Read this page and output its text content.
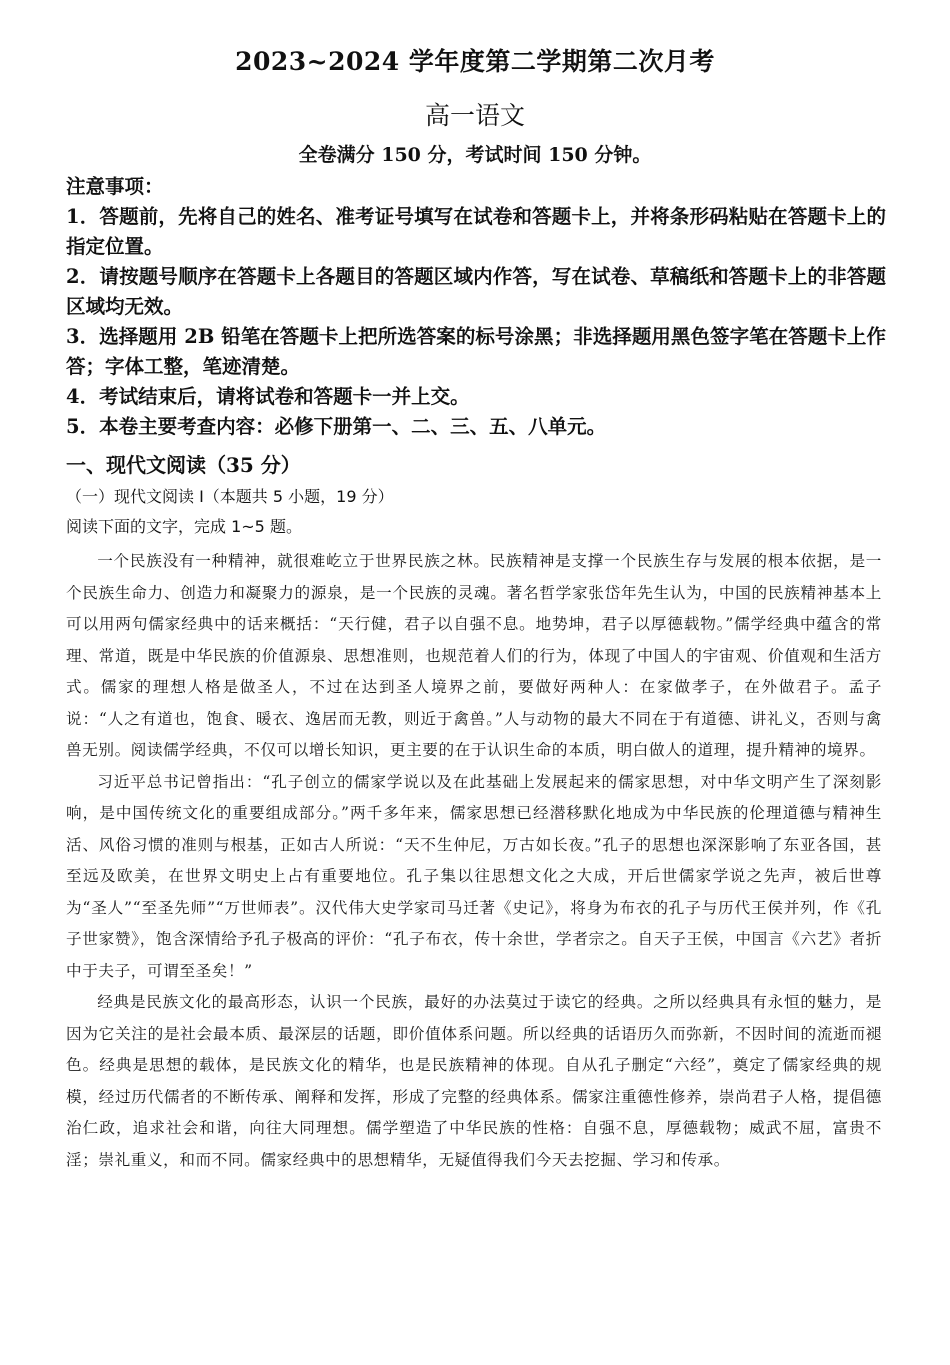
2023~2024 学年度第二学期第二次月考
高一语文
全卷满分 150 分，考试时间 150 分钟。

注意事项：

1．答题前，先将自己的姓名、准考证号填写在试卷和答题卡上，并将条形码粘贴在答题卡上的指定位置。

2．请按题号顺序在答题卡上各题目的答题区域内作答，写在试卷、草稿纸和答题卡上的非答题区域均无效。

3．选择题用 2B 铅笔在答题卡上把所选答案的标号涂黑；非选择题用黑色签字笔在答题卡上作答；字体工整，笔迹清楚。

4．考试结束后，请将试卷和答题卡一并上交。

5．本卷主要考查内容：必修下册第一、二、三、五、八单元。

一、现代文阅读（35 分）
（一）现代文阅读 I（本题共 5 小题，19 分）
阅读下面的文字，完成 1~5 题。

一个民族没有一种精神，就很难屹立于世界民族之林。民族精神是支撑一个民族生存与发展的根本依据，是一个民族生命力、创造力和凝聚力的源泉，是一个民族的灵魂。著名哲学家张岱年先生认为，中国的民族精神基本上可以用两句儒家经典中的话来概括：“天行健，君子以自强不息。地势坤，君子以厚德载物。”儒学经典中蕴含的常理、常道，既是中华民族的价值源泉、思想准则，也规范着人们的行为，体现了中国人的宇宙观、价值观和生活方式。儒家的理想人格是做圣人，不过在达到圣人境界之前，要做好两种人：在家做孝子，在外做君子。孟子说：“人之有道也，饱食、暖衣、逸居而无教，则近于禽兽。”人与动物的最大不同在于有道德、讲礼义，否则与禽兽无别。阅读儒学经典，不仅可以增长知识，更主要的在于认识生命的本质，明白做人的道理，提升精神的境界。

习近平总书记曾指出：“孔子创立的儒家学说以及在此基础上发展起来的儒家思想，对中华文明产生了深刻影响，是中国传统文化的重要组成部分。”两千多年来，儒家思想已经潜移默化地成为中华民族的伦理道德与精神生活、风俗习惯的准则与根基，正如古人所说：“天不生仲尼，万古如长夜。”孔子的思想也深深影响了东亚各国，甚至远及欧美，在世界文明史上占有重要地位。孔子集以往思想文化之大成，开后世儒家学说之先声，被后世尊为“圣人”“至圣先师”“万世师表”。汉代伟大史学家司马迁著《史记》，将身为布衣的孔子与历代王侯并列，作《孔子世家赞》，饱含深情给予孔子极高的评价：“孔子布衣，传十余世，学者宗之。自天子王侯，中国言《六艺》者折中于夫子，可谓至圣矣！”

经典是民族文化的最高形态，认识一个民族，最好的办法莫过于读它的经典。之所以经典具有永恒的魅力，是因为它关注的是社会最本质、最深层的话题，即价值体系问题。所以经典的话语历久而弥新，不因时间的流逝而褪色。经典是思想的载体，是民族文化的精华，也是民族精神的体现。自从孔子删定“六经”，奠定了儒家经典的规模，经过历代儒者的不断传承、阐释和发挥，形成了完整的经典体系。儒家注重德性修养，崇尚君子人格，提倡德治仁政，追求社会和谐，向往大同理想。儒学塑造了中华民族的性格：自强不息，厚德载物；威武不屈，富贵不淫；崇礼重义，和而不同。儒家经典中的思想精华，无疑值得我们今天去挖掘、学习和传承。
